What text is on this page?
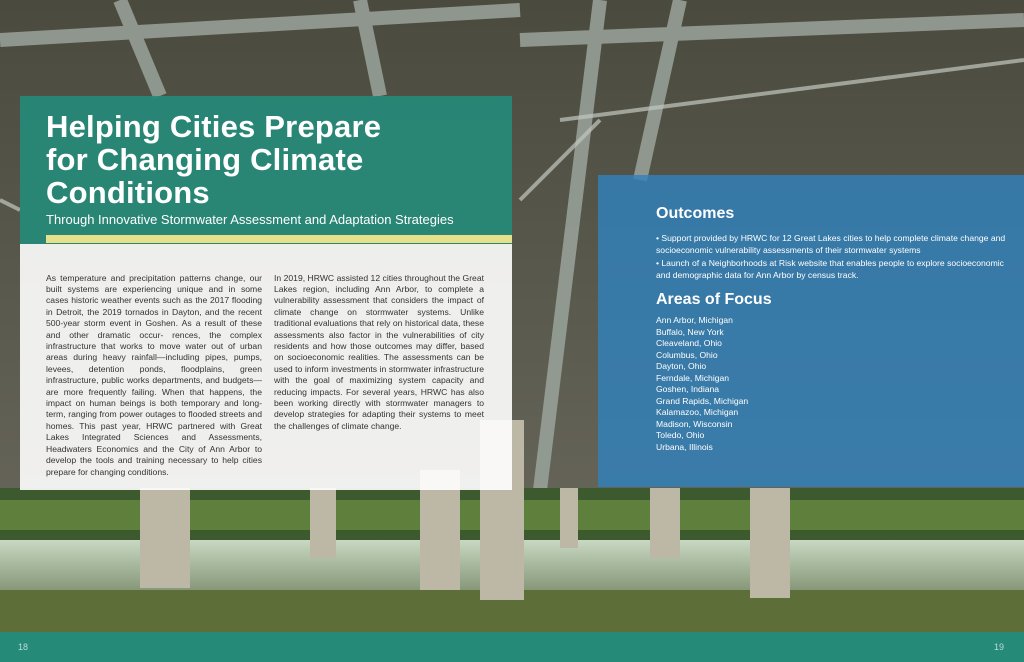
Helping Cities Prepare
for Changing Climate
Conditions
Through Innovative Stormwater Assessment and Adaptation Strategies

As temperature and precipitation patterns change, our built systems are experiencing unique and in some cases historic weather events such as the 2017 flooding in Detroit, the 2019 tornados in Dayton, and the recent 500-year storm event in Goshen. As a result of these and other dramatic occur- rences, the complex infrastructure that works to move water out of urban areas during heavy rainfall—including pipes, pumps, levees, detention ponds, floodplains, green infrastructure, public works departments, and budgets— are more frequently failing. When that happens, the impact on human beings is both temporary and long-term, ranging from power outages to flooded streets and homes. This past year, HRWC partnered with Great Lakes Integrated Sciences and Assessments, Headwaters Economics and the City of Ann Arbor to develop the tools and training necessary to help cities prepare for changing conditions.

In 2019, HRWC assisted 12 cities throughout the Great Lakes region, including Ann Arbor, to complete a vulnerability assessment that considers the impact of climate change on stormwater systems. Unlike traditional evaluations that rely on historical data, these assessments also factor in the vulnerabilities of city residents and how those outcomes may differ, based on socioeconomic realities. The assessments can be used to inform investments in stormwater infrastructure with the goal of maximizing system capacity and reducing impacts. For several years, HRWC has also been working directly with stormwater managers to develop strategies for adapting their systems to meet the challenges of climate change.

Outcomes
• Support provided by HRWC for 12 Great Lakes cities to help complete climate change and socioeconomic vulnerability assessments of their stormwater systems
• Launch of a Neighborhoods at Risk website that enables people to explore socioeconomic and demographic data for Ann Arbor by census track.
Areas of Focus
Ann Arbor, Michigan
Buffalo, New York
Cleaveland, Ohio
Columbus, Ohio
Dayton, Ohio
Ferndale, Michigan
Goshen, Indiana
Grand Rapids, Michigan
Kalamazoo, Michigan
Madison, Wisconsin
Toledo, Ohio
Urbana, Illinois
18	19
